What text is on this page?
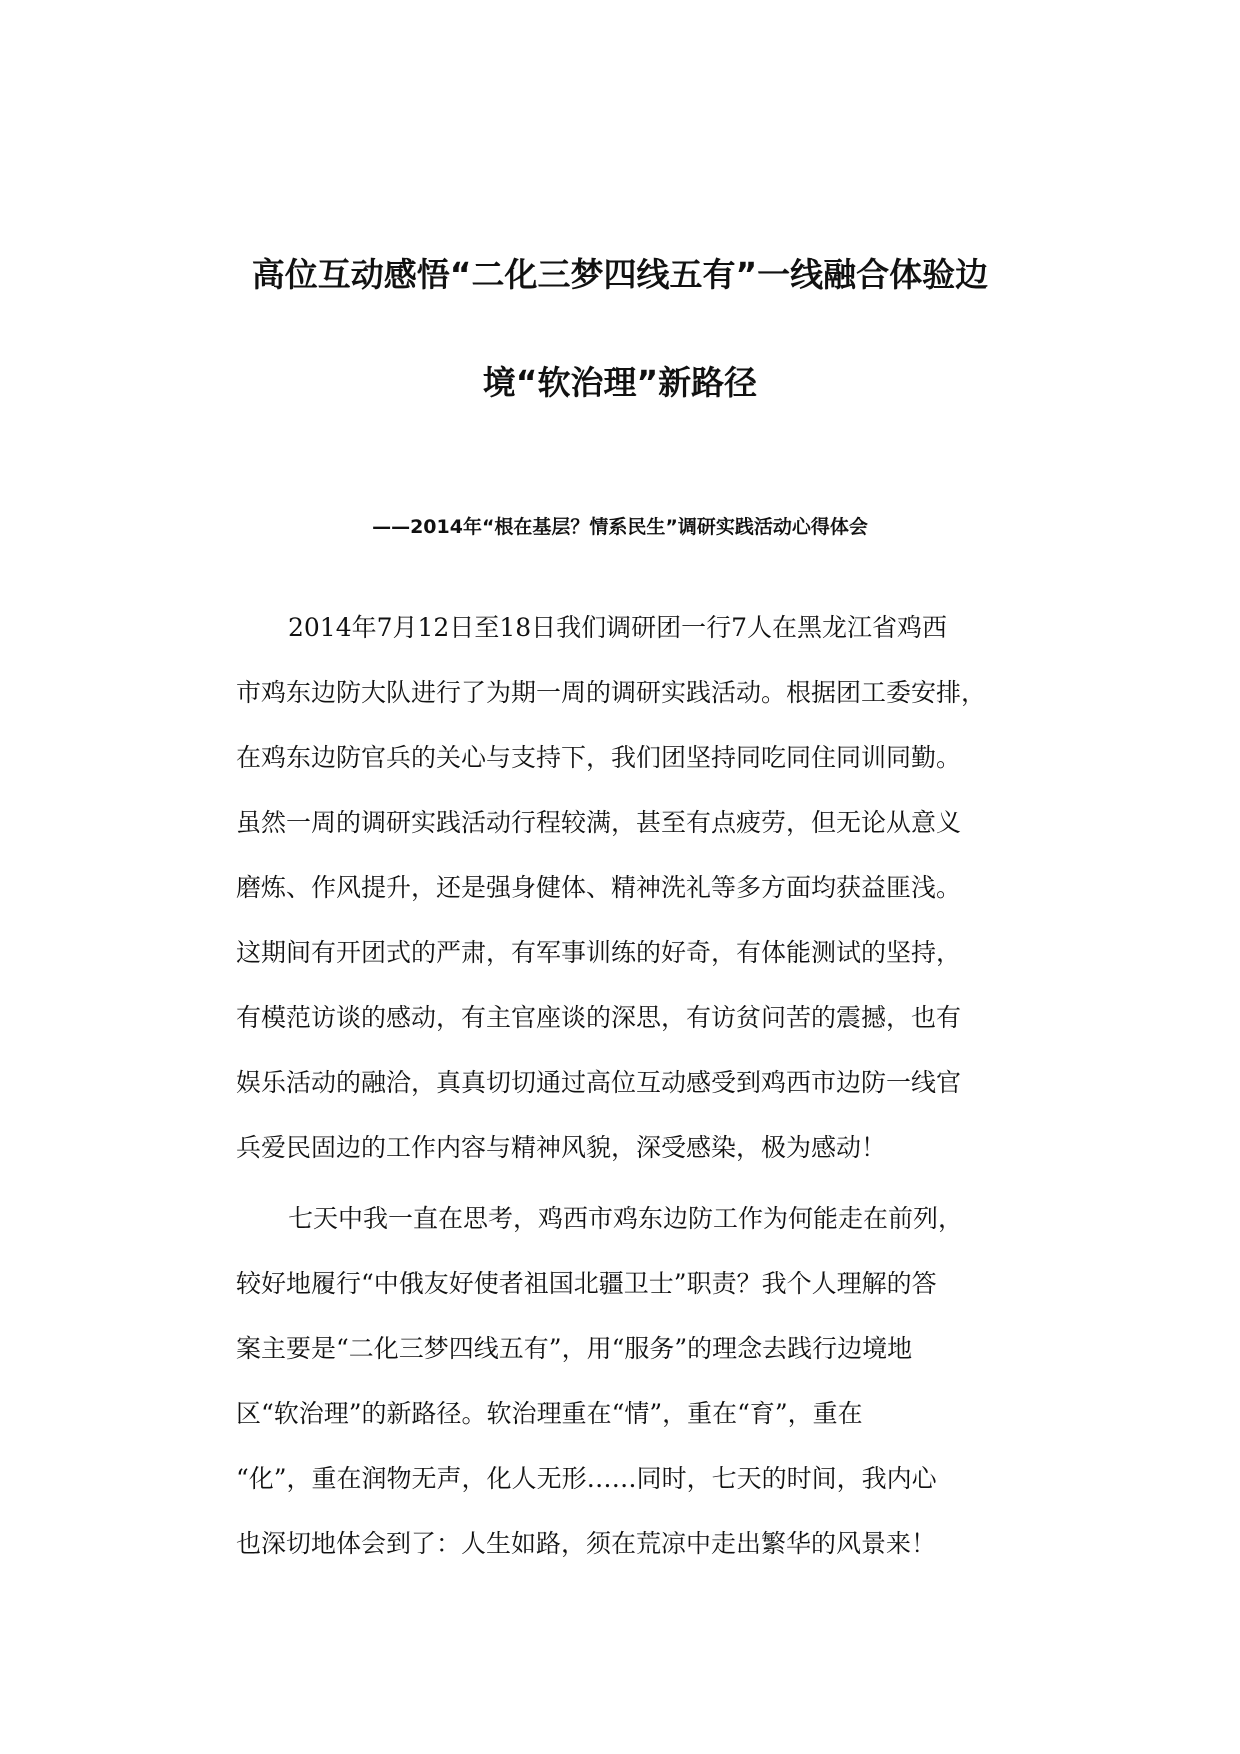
高位互动感悟“二化三梦四线五有”一线融合体验边
境“软治理”新路径
——2014年“根在基层？情系民生”调研实践活动心得体会
2014年7月12日至18日我们调研团一行7人在黑龙江省鸡西
市鸡东边防大队进行了为期一周的调研实践活动。根据团工委安排，
在鸡东边防官兵的关心与支持下，我们团坚持同吃同住同训同勤。
虽然一周的调研实践活动行程较满，甚至有点疲劳，但无论从意义
磨炼、作风提升，还是强身健体、精神洗礼等多方面均获益匪浅。
这期间有开团式的严肃，有军事训练的好奇，有体能测试的坚持，
有模范访谈的感动，有主官座谈的深思，有访贫问苦的震撼，也有
娱乐活动的融洽，真真切切通过高位互动感受到鸡西市边防一线官
兵爱民固边的工作内容与精神风貌，深受感染，极为感动！
七天中我一直在思考，鸡西市鸡东边防工作为何能走在前列，
较好地履行“中俄友好使者祖国北疆卫士”职责？我个人理解的答
案主要是“二化三梦四线五有”，用“服务”的理念去践行边境地
区“软治理”的新路径。软治理重在“情”，重在“育”，重在
“化”，重在润物无声，化人无形……同时，七天的时间，我内心
也深切地体会到了：人生如路，须在荒凉中走出繁华的风景来！
